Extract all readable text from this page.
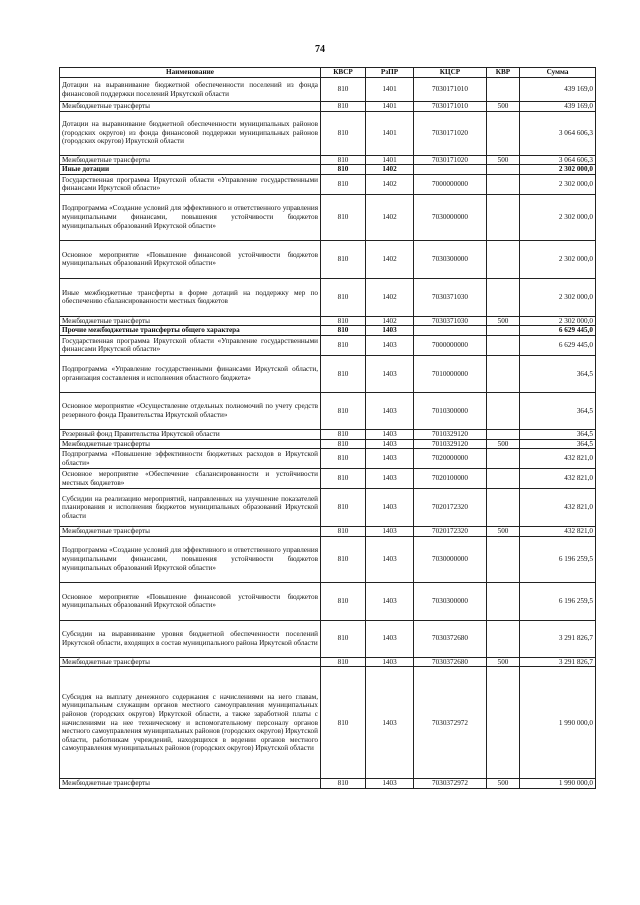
74
Наименование	КВСР	РзПР	КЦСР	КВР	Сумма
Дотации на выравнивание бюджетной обеспеченности поселений из фонда финансовой поддержки поселений Иркутской области	810	1401	7030171010		439 169,0
Межбюджетные трансферты	810	1401	7030171010	500	439 169,0
Дотации на выравнивание бюджетной обеспеченности муниципальных районов (городских округов) из фонда финансовой поддержки муниципальных районов (городских округов) Иркутской области	810	1401	7030171020		3 064 606,3
Межбюджетные трансферты	810	1401	7030171020	500	3 064 606,3
Иные дотации	810	1402			2 302 000,0
Государственная программа Иркутской области «Управление государственными финансами Иркутской области»	810	1402	7000000000		2 302 000,0
Подпрограмма «Создание условий для эффективного и ответственного управления муниципальными финансами, повышения устойчивости бюджетов муниципальных образований Иркутской области»	810	1402	7030000000		2 302 000,0
Основное мероприятие «Повышение финансовой устойчивости бюджетов муниципальных образований Иркутской области»	810	1402	7030300000		2 302 000,0
Иные межбюджетные трансферты в форме дотаций на поддержку мер по обеспечению сбалансированности местных бюджетов	810	1402	7030371030		2 302 000,0
Межбюджетные трансферты	810	1402	7030371030	500	2 302 000,0
Прочие межбюджетные трансферты общего характера	810	1403			6 629 445,0
Государственная программа Иркутской области «Управление государственными финансами Иркутской области»	810	1403	7000000000		6 629 445,0
Подпрограмма «Управление государственными финансами Иркутской области, организация составления и исполнения областного бюджета»	810	1403	7010000000		364,5
Основное мероприятие «Осуществление отдельных полномочий по учету средств резервного фонда Правительства Иркутской области»	810	1403	7010300000		364,5
Резервный фонд Правительства Иркутской области	810	1403	7010329120		364,5
Межбюджетные трансферты	810	1403	7010329120	500	364,5
Подпрограмма «Повышение эффективности бюджетных расходов в Иркутской области»	810	1403	7020000000		432 821,0
Основное мероприятие «Обеспечение сбалансированности и устойчивости местных бюджетов»	810	1403	7020100000		432 821,0
Субсидии на реализацию мероприятий, направленных на улучшение показателей планирования и исполнения бюджетов муниципальных образований Иркутской области	810	1403	7020172320		432 821,0
Межбюджетные трансферты	810	1403	7020172320	500	432 821,0
Подпрограмма «Создание условий для эффективного и ответственного управления муниципальными финансами, повышения устойчивости бюджетов муниципальных образований Иркутской области»	810	1403	7030000000		6 196 259,5
Основное мероприятие «Повышение финансовой устойчивости бюджетов муниципальных образований Иркутской области»	810	1403	7030300000		6 196 259,5
Субсидии на выравнивание уровня бюджетной обеспеченности поселений Иркутской области, входящих в состав муниципального района Иркутской области	810	1403	7030372680		3 291 826,7
Межбюджетные трансферты	810	1403	7030372680	500	3 291 826,7
Субсидия на выплату денежного содержания с начислениями на него главам, муниципальным служащим органов местного самоуправления муниципальных районов (городских округов) Иркутской области, а также заработной платы с начислениями на нее техническому и вспомогательному персоналу органов местного самоуправления муниципальных районов (городских округов) Иркутской области, работникам учреждений, находящихся в ведении органов местного самоуправления муниципальных районов (городских округов) Иркутской области	810	1403	7030372972		1 990 000,0
Межбюджетные трансферты	810	1403	7030372972	500	1 990 000,0
